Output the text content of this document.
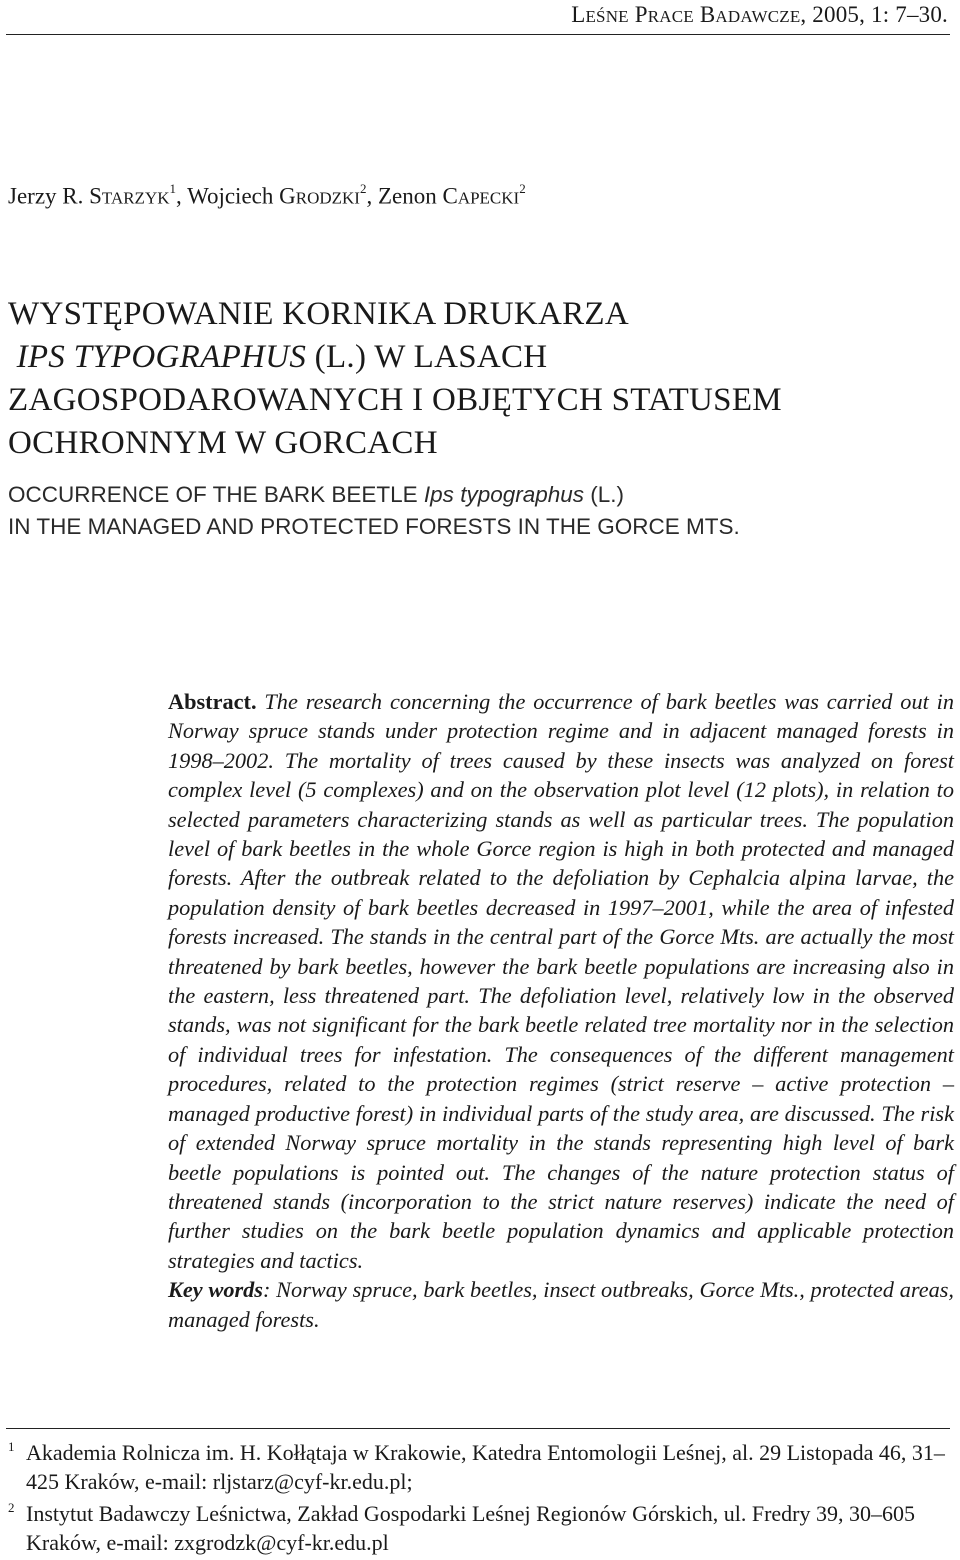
LEŚNE PRACE BADAWCZE, 2005, 1: 7–30.
Jerzy R. STARZYK$^1$, Wojciech GRODZKI$^2$, Zenon CAPECKI$^2$
WYSTĘPOWANIE KORNIKA DRUKARZA
IPS TYPOGRAPHUS (L.) W LASACH
ZAGOSPODAROWANYCH I OBJĘTYCH STATUSEM
OCHRONNYM W GORCACH
OCCURRENCE OF THE BARK BEETLE Ips typographus (L.)
IN THE MANAGED AND PROTECTED FORESTS IN THE GORCE MTS.

Abstract. The research concerning the occurrence of bark beetles was carried out in Norway spruce stands under protection regime and in adjacent managed forests in 1998–2002. The mortality of trees caused by these insects was analyzed on forest complex level (5 complexes) and on the observation plot level (12 plots), in relation to selected parameters characterizing stands as well as particular trees. The population level of bark beetles in the whole Gorce region is high in both protected and managed forests. After the outbreak related to the defoliation by Cephalcia alpina larvae, the population density of bark beetles decreased in 1997–2001, while the area of infested forests increased. The stands in the central part of the Gorce Mts. are actually the most threatened by bark beetles, however the bark beetle populations are increasing also in the eastern, less threatened part. The defoliation level, relatively low in the observed stands, was not significant for the bark beetle related tree mortality nor in the selection of individual trees for infestation. The consequences of the different management procedures, related to the protection regimes (strict reserve – active protection – managed productive forest) in individual parts of the study area, are discussed. The risk of extended Norway spruce mortality in the stands representing high level of bark beetle populations is pointed out. The changes of the nature protection status of threatened stands (incorporation to the strict nature reserves) indicate the need of further studies on the bark beetle population dynamics and applicable protection strategies and tactics.

Key words: Norway spruce, bark beetles, insect outbreaks, Gorce Mts., protected areas, managed forests.

1 Akademia Rolnicza im. H. Kołłątaja w Krakowie, Katedra Entomologii Leśnej, al. 29 Listopada 46, 31–425 Kraków, e-mail: rljstarz@cyf-kr.edu.pl;
2 Instytut Badawczy Leśnictwa, Zakład Gospodarki Leśnej Regionów Górskich, ul. Fredry 39, 30–605 Kraków, e-mail: zxgrodzk@cyf-kr.edu.pl
